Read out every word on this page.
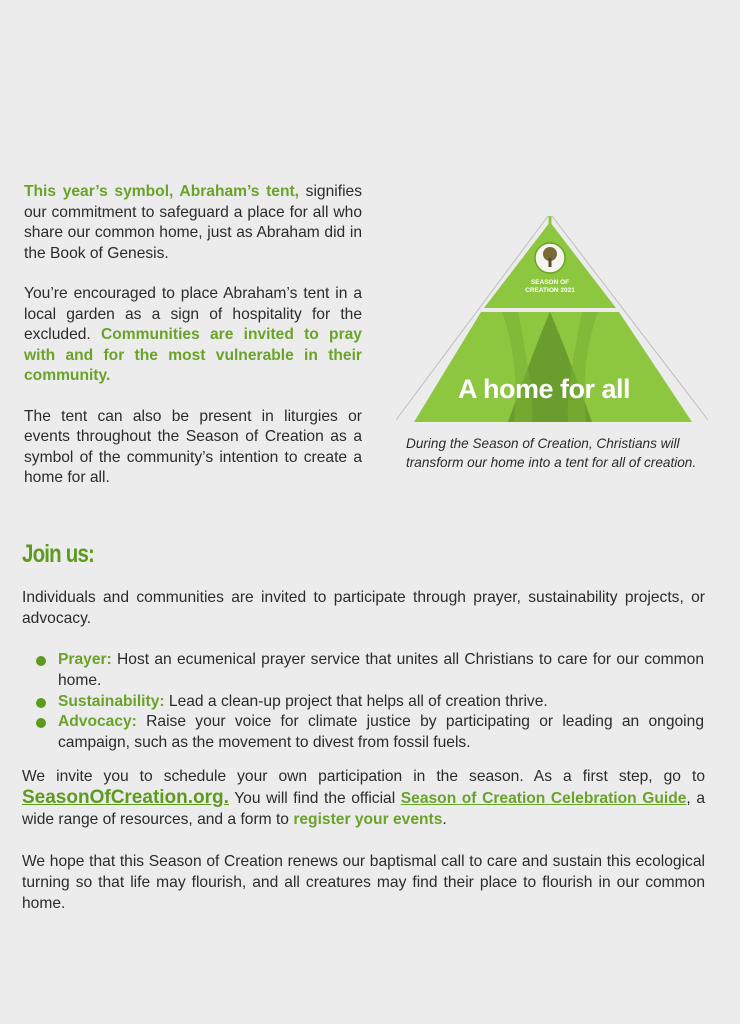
This year’s symbol, Abraham’s tent, signifies our commitment to safeguard a place for all who share our common home, just as Abraham did in the Book of Genesis.

You’re encouraged to place Abraham’s tent in a local garden as a sign of hospitality for the excluded. Communities are invited to pray with and for the most vulnerable in their community.

The tent can also be present in liturgies or events throughout the Season of Creation as a symbol of the community’s intention to create a home for all.

SEASON OF
CREATION 2021
A home for all
During the Season of Creation, Christians will transform our home into a tent for all of creation.
Join us:
Individuals and communities are invited to participate through prayer, sustainability projects, or advocacy.
Prayer: Host an ecumenical prayer service that unites all Christians to care for our common home.
Sustainability: Lead a clean-up project that helps all of creation thrive.
Advocacy: Raise your voice for climate justice by participating or leading an ongoing campaign, such as the movement to divest from fossil fuels.
We invite you to schedule your own participation in the season. As a first step, go to SeasonOfCreation.org. You will find the official Season of Creation Celebration Guide, a wide range of resources, and a form to register your events.
We hope that this Season of Creation renews our baptismal call to care and sustain this ecological turning so that life may flourish, and all creatures may find their place to flourish in our common home.
